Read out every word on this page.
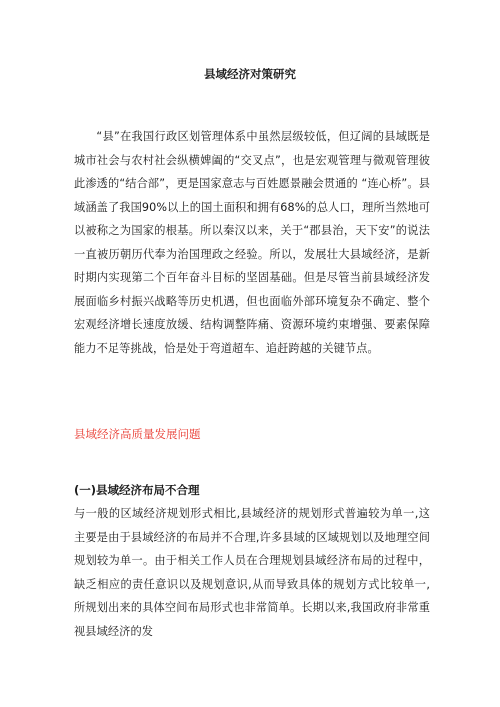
县域经济对策研究
“县”在我国行政区划管理体系中虽然层级较低，但辽阔的县域既是城市社会与农村社会纵横婢阖的“交叉点”，也是宏观管理与微观管理彼此渗透的“结合部”，更是国家意志与百姓愿景融会贯通的 “连心桥”。县域涵盖了我国90%以上的国土面积和拥有68%的总人口，理所当然地可以被称之为国家的根基。所以秦汉以来，关于“郡县治，天下安”的说法一直被历朝历代奉为治国理政之经验。所以，发展壮大县域经济，是新时期内实现第二个百年奋斗目标的坚固基础。但是尽管当前县域经济发展面临乡村振兴战略等历史机遇，但也面临外部环境复杂不确定、整个宏观经济增长速度放缓、结构调整阵痛、资源环境约束增强、要素保障能力不足等挑战，恰是处于弯道超车、追赶跨越的关键节点。
县域经济高质量发展问题
(一)县域经济布局不合理
与一般的区域经济规划形式相比,县域经济的规划形式普遍较为单一,这主要是由于县域经济的布局并不合理,许多县域的区域规划以及地理空间规划较为单一。由于相关工作人员在合理规划县域经济布局的过程中，缺乏相应的责任意识以及规划意识,从而导致具体的规划方式比较单一,所规划出来的具体空间布局形式也非常简单。长期以来,我国政府非常重视县域经济的发
